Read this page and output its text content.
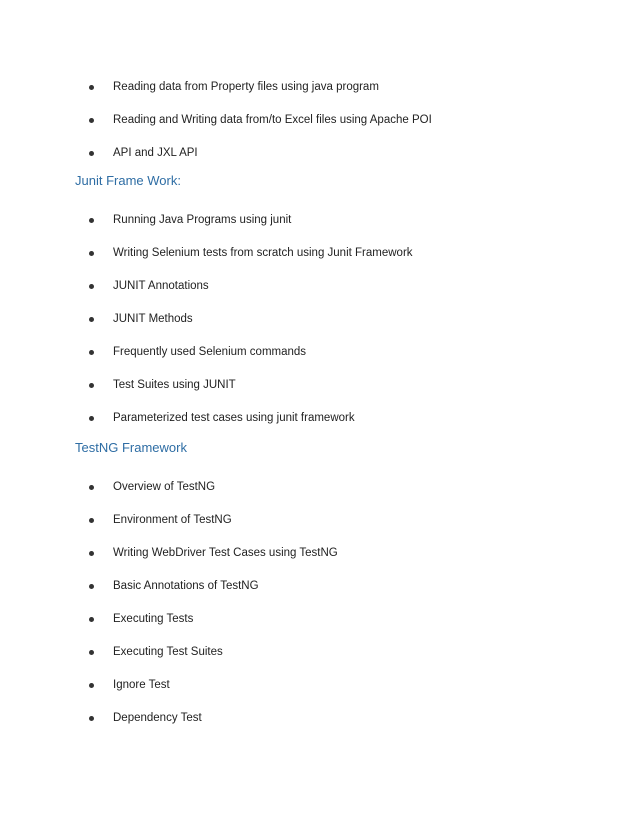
Reading data from Property files using java program
Reading and Writing data from/to Excel files using Apache POI
API and JXL API
Junit Frame Work:
Running Java Programs using junit
Writing Selenium tests from scratch using Junit Framework
JUNIT Annotations
JUNIT Methods
Frequently used Selenium commands
Test Suites using JUNIT
Parameterized test cases using junit framework
TestNG Framework
Overview of TestNG
Environment of TestNG
Writing WebDriver Test Cases using TestNG
Basic Annotations of TestNG
Executing Tests
Executing Test Suites
Ignore Test
Dependency Test
